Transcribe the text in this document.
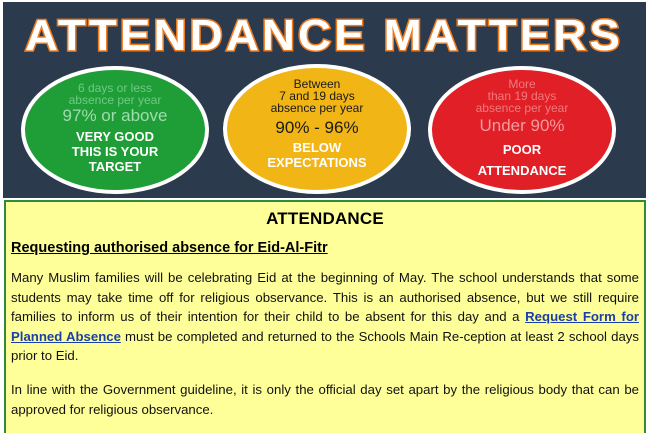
ATTENDANCE MATTERS
6 days or less
absence per year
97% or above
VERY GOOD
THIS IS YOUR
TARGET
Between
7 and 19 days
absence per year
90% - 96%
BELOW
EXPECTATIONS
More
than 19 days
absence per year
Under 90%
POOR
ATTENDANCE
ATTENDANCE
Requesting authorised absence for Eid-Al-Fitr
Many Muslim families will be celebrating Eid at the beginning of May. The school understands that some students may take time off for religious observance. This is an authorised absence, but we still require families to inform us of their intention for their child to be absent for this day and a Request Form for Planned Absence must be completed and returned to the Schools Main Re-ception at least 2 school days prior to Eid.
In line with the Government guideline, it is only the official day set apart by the religious body that can be approved for religious observance.
